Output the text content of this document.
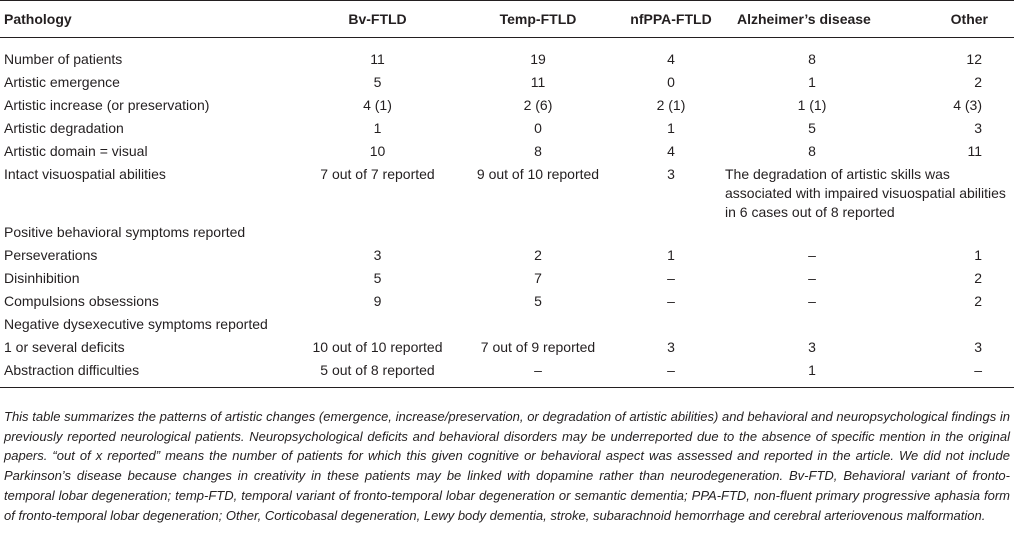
Pathology	Bv-FTLD	Temp-FTLD	nfPPA-FTLD	Alzheimer’s disease	Other
Number of patients	11	19	4	8	12
Artistic emergence	5	11	0	1	2
Artistic increase (or preservation)	4 (1)	2 (6)	2 (1)	1 (1)	4 (3)
Artistic degradation	1	0	1	5	3
Artistic domain = visual	10	8	4	8	11
Intact visuospatial abilities	7 out of 7 reported	9 out of 10 reported	3	The degradation of artistic skills was associated with impaired visuospatial abilities in 6 cases out of 8 reported	
Positive behavioral symptoms reported					
Perseverations	3	2	1	–	1
Disinhibition	5	7	–	–	2
Compulsions obsessions	9	5	–	–	2
Negative dysexecutive symptoms reported					
1 or several deficits	10 out of 10 reported	7 out of 9 reported	3	3	3
Abstraction difficulties	5 out of 8 reported	–	–	1	–

This table summarizes the patterns of artistic changes (emergence, increase/preservation, or degradation of artistic abilities) and behavioral and neuropsychological findings in previously reported neurological patients. Neuropsychological deficits and behavioral disorders may be underreported due to the absence of specific mention in the original papers. “out of x reported” means the number of patients for which this given cognitive or behavioral aspect was assessed and reported in the article. We did not include Parkinson’s disease because changes in creativity in these patients may be linked with dopamine rather than neurodegeneration. Bv-FTD, Behavioral variant of fronto-temporal lobar degeneration; temp-FTD, temporal variant of fronto-temporal lobar degeneration or semantic dementia; PPA-FTD, non-fluent primary progressive aphasia form of fronto-temporal lobar degeneration; Other, Corticobasal degeneration, Lewy body dementia, stroke, subarachnoid hemorrhage and cerebral arteriovenous malformation.
